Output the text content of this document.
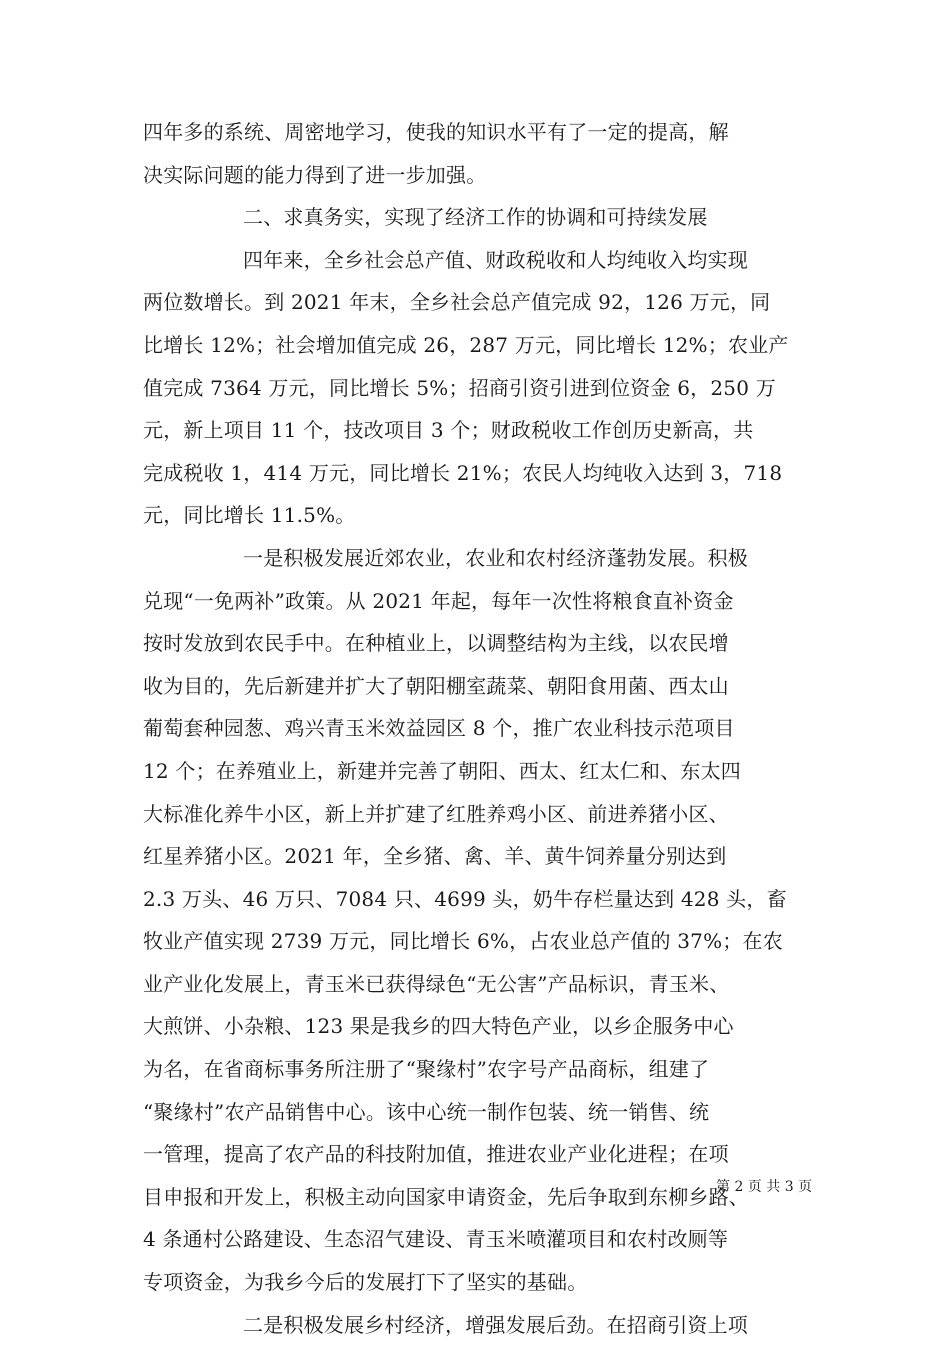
四年多的系统、周密地学习，使我的知识水平有了一定的提高，解
决实际问题的能力得到了进一步加强。
二、求真务实，实现了经济工作的协调和可持续发展
四年来，全乡社会总产值、财政税收和人均纯收入均实现
两位数增长。到 2021 年末，全乡社会总产值完成 92，126 万元，同
比增长 12%；社会增加值完成 26，287 万元，同比增长 12%；农业产
值完成 7364 万元，同比增长 5%；招商引资引进到位资金 6，250 万
元，新上项目 11 个，技改项目 3 个；财政税收工作创历史新高，共
完成税收 1，414 万元，同比增长 21%；农民人均纯收入达到 3，718
元，同比增长 11.5%。
一是积极发展近郊农业，农业和农村经济蓬勃发展。积极
兑现“一免两补”政策。从 2021 年起，每年一次性将粮食直补资金
按时发放到农民手中。在种植业上，以调整结构为主线，以农民增
收为目的，先后新建并扩大了朝阳棚室蔬菜、朝阳食用菌、西太山
葡萄套种园葱、鸡兴青玉米效益园区 8 个，推广农业科技示范项目
12 个；在养殖业上，新建并完善了朝阳、西太、红太仁和、东太四
大标准化养牛小区，新上并扩建了红胜养鸡小区、前进养猪小区、
红星养猪小区。2021 年，全乡猪、禽、羊、黄牛饲养量分别达到
2.3 万头、46 万只、7084 只、4699 头，奶牛存栏量达到 428 头，畜
牧业产值实现 2739 万元，同比增长 6%，占农业总产值的 37%；在农
业产业化发展上，青玉米已获得绿色“无公害”产品标识，青玉米、
大煎饼、小杂粮、123 果是我乡的四大特色产业，以乡企服务中心
为名，在省商标事务所注册了“聚缘村”农字号产品商标，组建了
“聚缘村”农产品销售中心。该中心统一制作包装、统一销售、统
一管理，提高了农产品的科技附加值，推进农业产业化进程；在项
目申报和开发上，积极主动向国家申请资金，先后争取到东柳乡路、
4 条通村公路建设、生态沼气建设、青玉米喷灌项目和农村改厕等
专项资金，为我乡今后的发展打下了坚实的基础。
二是积极发展乡村经济，增强发展后劲。在招商引资上项
第 2 页 共 3 页
